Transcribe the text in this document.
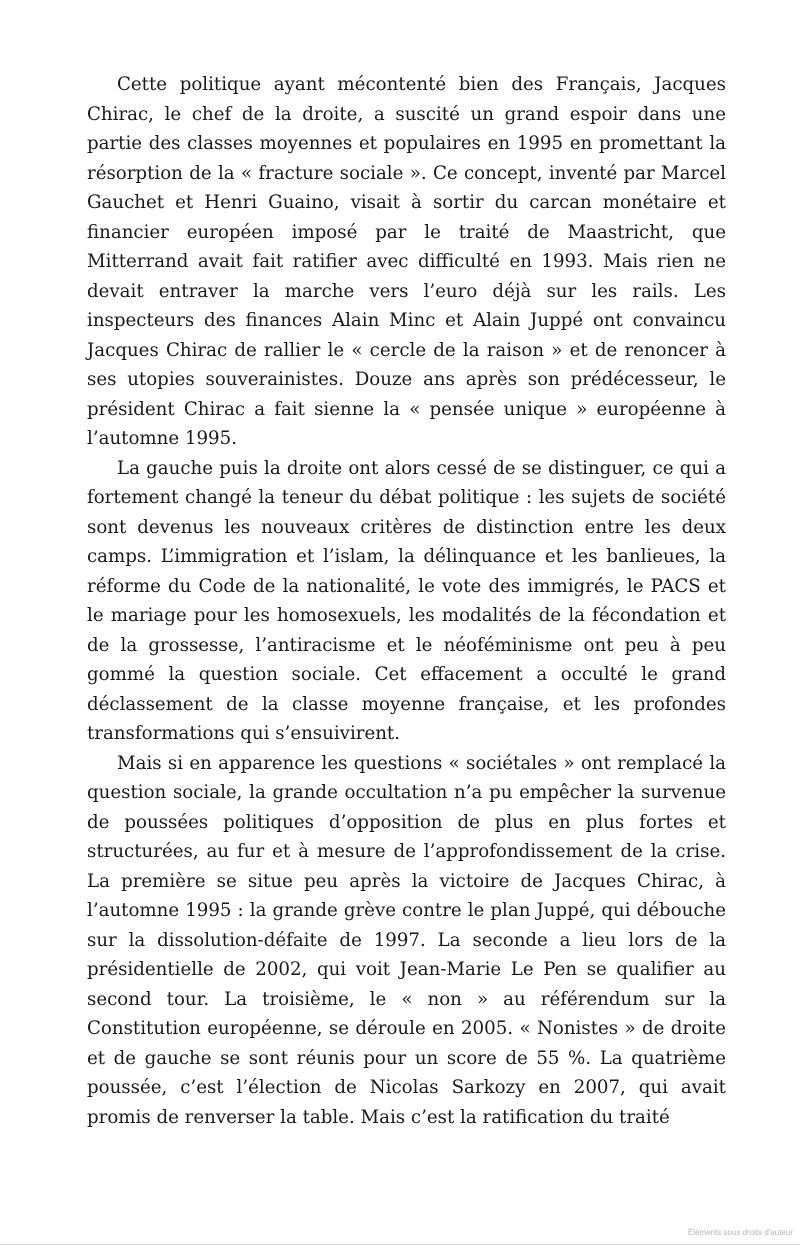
Cette politique ayant mécontenté bien des Français, Jacques Chirac, le chef de la droite, a suscité un grand espoir dans une partie des classes moyennes et populaires en 1995 en promettant la résorption de la « fracture sociale ». Ce concept, inventé par Marcel Gauchet et Henri Guaino, visait à sortir du carcan monétaire et financier européen imposé par le traité de Maastricht, que Mitterrand avait fait ratifier avec difficulté en 1993. Mais rien ne devait entraver la marche vers l’euro déjà sur les rails. Les inspecteurs des finances Alain Minc et Alain Juppé ont convaincu Jacques Chirac de rallier le « cercle de la raison » et de renoncer à ses utopies souverainistes. Douze ans après son prédécesseur, le président Chirac a fait sienne la « pensée unique » européenne à l’automne 1995.

La gauche puis la droite ont alors cessé de se distinguer, ce qui a fortement changé la teneur du débat politique : les sujets de société sont devenus les nouveaux critères de distinction entre les deux camps. L’immigration et l’islam, la délinquance et les banlieues, la réforme du Code de la nationalité, le vote des immigrés, le PACS et le mariage pour les homosexuels, les modalités de la fécondation et de la grossesse, l’antiracisme et le néoféminisme ont peu à peu gommé la question sociale. Cet effacement a occulté le grand déclassement de la classe moyenne française, et les profondes transformations qui s’ensuivirent.

Mais si en apparence les questions « sociétales » ont remplacé la question sociale, la grande occultation n’a pu empêcher la survenue de poussées politiques d’opposition de plus en plus fortes et structurées, au fur et à mesure de l’approfondissement de la crise. La première se situe peu après la victoire de Jacques Chirac, à l’automne 1995 : la grande grève contre le plan Juppé, qui débouche sur la dissolution-défaite de 1997. La seconde a lieu lors de la présidentielle de 2002, qui voit Jean-Marie Le Pen se qualifier au second tour. La troisième, le « non » au référendum sur la Constitution européenne, se déroule en 2005. « Nonistes » de droite et de gauche se sont réunis pour un score de 55 %. La quatrième poussée, c’est l’élection de Nicolas Sarkozy en 2007, qui avait promis de renverser la table. Mais c’est la ratification du traité

Éléments sous droits d'auteur
